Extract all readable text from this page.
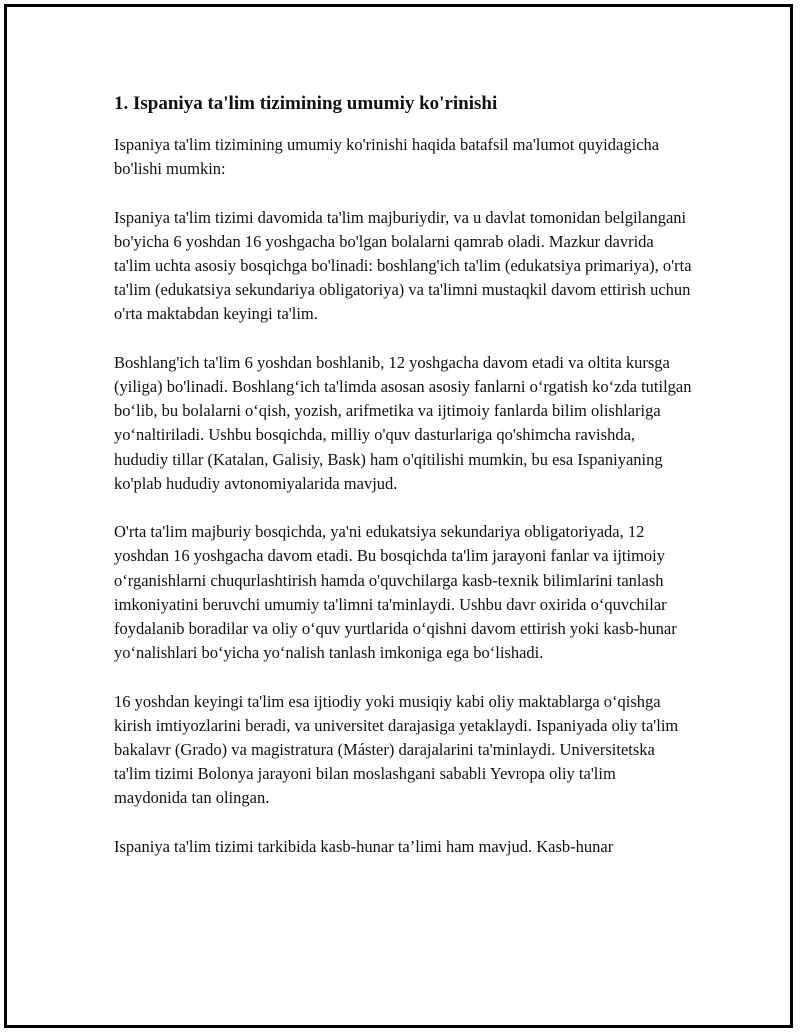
1. Ispaniya ta'lim tizimining umumiy ko'rinishi

Ispaniya ta'lim tizimining umumiy ko'rinishi haqida batafsil ma'lumot quyidagicha bo'lishi mumkin:

Ispaniya ta'lim tizimi davomida ta'lim majburiydir, va u davlat tomonidan belgilangani bo'yicha 6 yoshdan 16 yoshgacha bo'lgan bolalarni qamrab oladi. Mazkur davrida ta'lim uchta asosiy bosqichga bo'linadi: boshlang'ich ta'lim (edukatsiya primariya), o'rta ta'lim (edukatsiya sekundariya obligatoriya) va ta'limni mustaqkil davom ettirish uchun o'rta maktabdan keyingi ta'lim.

Boshlang'ich ta'lim 6 yoshdan boshlanib, 12 yoshgacha davom etadi va oltita kursga (yiliga) bo'linadi. Boshlang‘ich ta'limda asosan asosiy fanlarni o‘rgatish ko‘zda tutilgan bo‘lib, bu bolalarni o‘qish, yozish, arifmetika va ijtimoiy fanlarda bilim olishlariga yo‘naltiriladi. Ushbu bosqichda, milliy o'quv dasturlariga qo'shimcha ravishda, hududiy tillar (Katalan, Galisiy, Bask) ham o'qitilishi mumkin, bu esa Ispaniyaning ko'plab hududiy avtonomiyalarida mavjud.

O'rta ta'lim majburiy bosqichda, ya'ni edukatsiya sekundariya obligatoriyada, 12 yoshdan 16 yoshgacha davom etadi. Bu bosqichda ta'lim jarayoni fanlar va ijtimoiy o‘rganishlarni chuqurlashtirish hamda o'quvchilarga kasb-texnik bilimlarini tanlash imkoniyatini beruvchi umumiy ta'limni ta'minlaydi. Ushbu davr oxirida o‘quvchilar foydalanib boradilar va oliy o‘quv yurtlarida o‘qishni davom ettirish yoki kasb-hunar yo‘nalishlari bo‘yicha yo‘nalish tanlash imkoniga ega bo‘lishadi.

16 yoshdan keyingi ta'lim esa ijtiodiy yoki musiqiy kabi oliy maktablarga o‘qishga kirish imtiyozlarini beradi, va universitet darajasiga yetaklaydi. Ispaniyada oliy ta'lim bakalavr (Grado) va magistratura (Máster) darajalarini ta'minlaydi. Universitetska ta'lim tizimi Bolonya jarayoni bilan moslashgani sababli Yevropa oliy ta'lim maydonida tan olingan.

Ispaniya ta'lim tizimi tarkibida kasb-hunar ta’limi ham mavjud. Kasb-hunar
